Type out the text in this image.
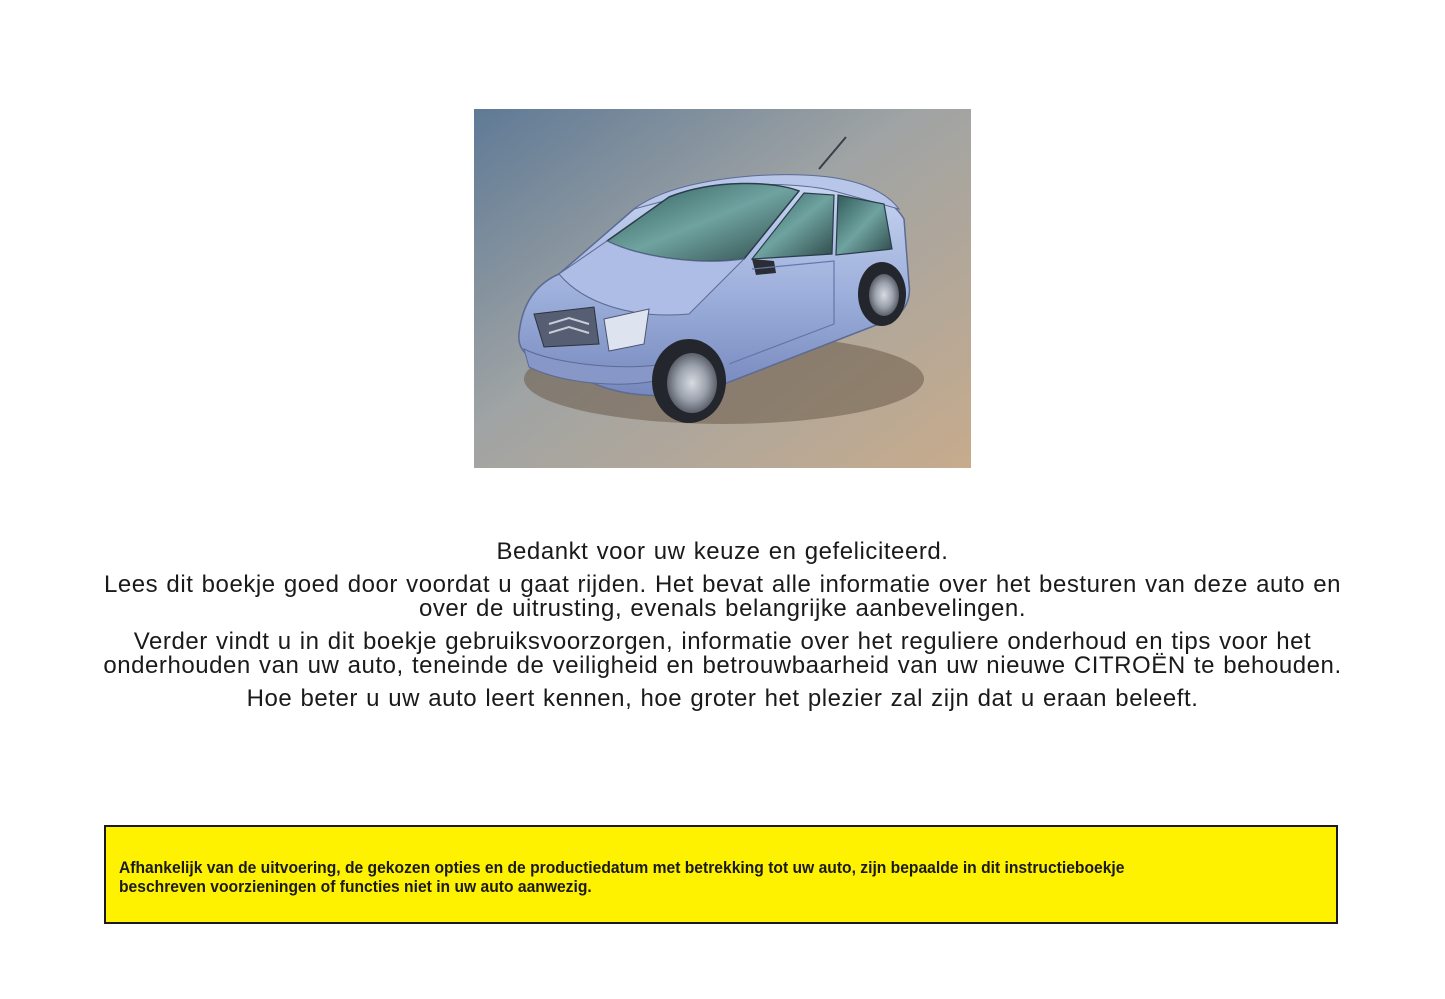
Bedankt voor uw keuze en gefeliciteerd.

Lees dit boekje goed door voordat u gaat rijden. Het bevat alle informatie over het besturen van deze auto en over de uitrusting, evenals belangrijke aanbevelingen.

Verder vindt u in dit boekje gebruiksvoorzorgen, informatie over het reguliere onderhoud en tips voor het onderhouden van uw auto, teneinde de veiligheid en betrouwbaarheid van uw nieuwe CITROËN te behouden.

Hoe beter u uw auto leert kennen, hoe groter het plezier zal zijn dat u eraan beleeft.

Afhankelijk van de uitvoering, de gekozen opties en de productiedatum met betrekking tot uw auto, zijn bepaalde in dit instructieboekje
beschreven voorzieningen of functies niet in uw auto aanwezig.
